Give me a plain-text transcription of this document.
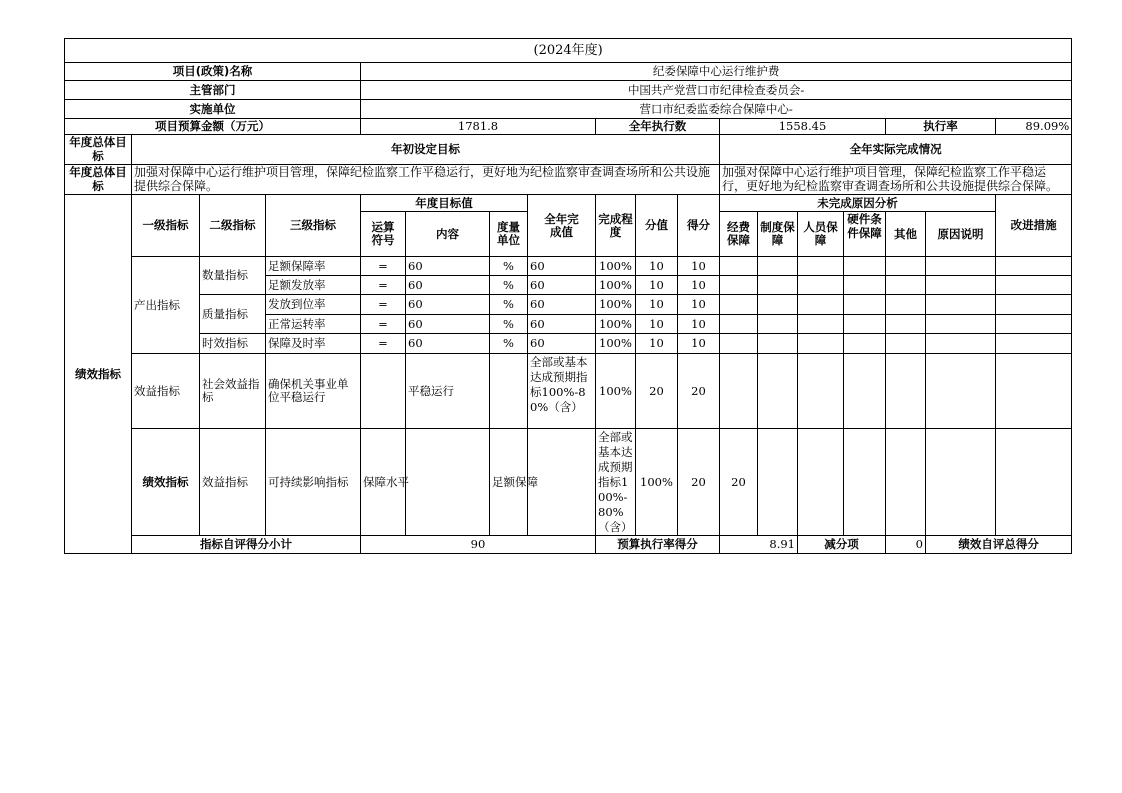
(2024年度)																		
项目(政策)名称				纪委保障中心运行维护费														
主管部门				中国共产党营口市纪律检查委员会-														
实施单位				营口市纪委监委综合保障中心-														
项目预算金额（万元）				1781.8				全年执行数			1558.45				执行率		89.09%	
年度总体目标	年初设定目标										全年实际完成情况							
年度总体目标	加强对保障中心运行维护项目管理，保障纪检监察工作平稳运行，更好地为纪检监察审查调查场所和公共设施提供综合保障。										加强对保障中心运行维护项目管理，保障纪检监察工作平稳运行，更好地为纪检监察审查调查场所和公共设施提供综合保障。							
绩效指标	一级指标	二级指标	三级指标	年度目标值			全年完成值	完成程度	分值	得分	未完成原因分析						改进措施	
				运算符号	内容	度量单位					经费保障	制度保障	人员保障	硬件条件保障	其他	原因说明		
	产出指标	数量指标	足额保障率	=	60	%	60	100%	10	10								
			足额发放率	=	60	%	60	100%	10	10								
		质量指标	发放到位率	=	60	%	60	100%	10	10								
			正常运转率	=	60	%	60	100%	10	10								
		时效指标	保障及时率	=	60	%	60	100%	10	10								
	效益指标	社会效益指标	确保机关事业单位平稳运行		平稳运行		全部或基本达成预期指标100%-80%（含）	100%	20	20								
	绩效指标	效益指标	可持续影响指标	保障水平		足额保障		全部或基本达成预期指标100%-80%（含）	100%	20	20							
	指标自评得分小计			90				预算执行率得分			8.91		减分项		0	绩效自评总得分	
